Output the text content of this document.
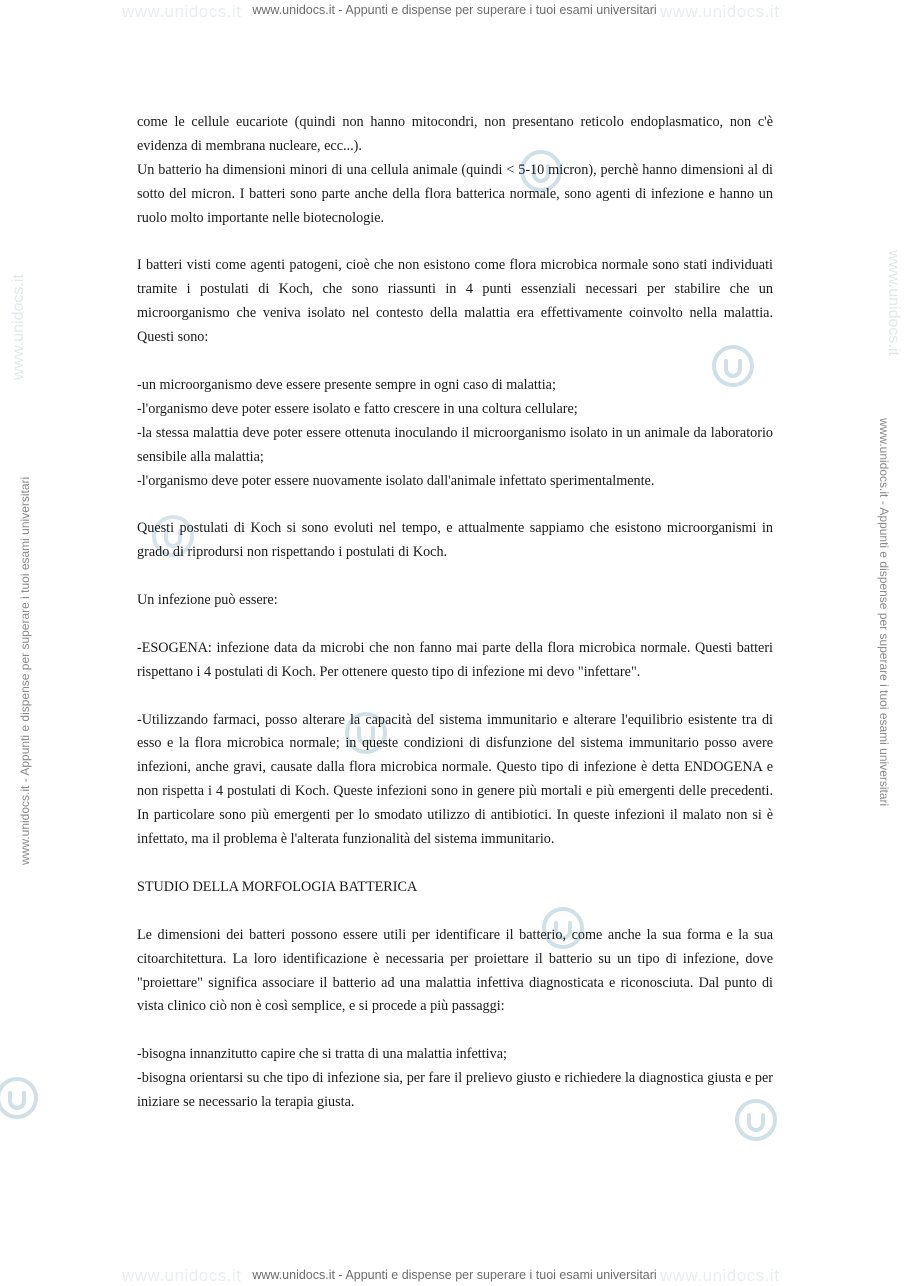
www.unidocs.it	www.unidocs.it
www.unidocs.it	www.unidocs.it
www.unidocs.it	www.unidocs.it
www.unidocs.it - Appunti e dispense per superare i tuoi esami universitari
www.unidocs.it - Appunti e dispense per superare i tuoi esami universitari
www.unidocs.it - Appunti e dispense per superare i tuoi esami universitari	www.unidocs.it - Appunti e dispense per superare i tuoi esami universitari

come le cellule eucariote (quindi non hanno mitocondri, non presentano reticolo endoplasmatico, non c'è evidenza di membrana nucleare, ecc...).

Un batterio ha dimensioni minori di una cellula animale (quindi < 5-10 micron), perchè hanno dimensioni al di sotto del micron. I batteri sono parte anche della flora batterica normale, sono agenti di infezione e hanno un ruolo molto importante nelle biotecnologie.

I batteri visti come agenti patogeni, cioè che non esistono come flora microbica normale sono stati individuati tramite i postulati di Koch, che sono riassunti in 4 punti essenziali necessari per stabilire che un microorganismo che veniva isolato nel contesto della malattia era effettivamente coinvolto nella malattia. Questi sono:

-un microorganismo deve essere presente sempre in ogni caso di malattia;

-l'organismo deve poter essere isolato e fatto crescere in una coltura cellulare;

-la stessa malattia deve poter essere ottenuta inoculando il microorganismo isolato in un animale da laboratorio sensibile alla malattia;

-l'organismo deve poter essere nuovamente isolato dall'animale infettato sperimentalmente.

Questi postulati di Koch si sono evoluti nel tempo, e attualmente sappiamo che esistono microorganismi in grado di riprodursi non rispettando i postulati di Koch.

Un infezione può essere:

-ESOGENA: infezione data da microbi che non fanno mai parte della flora microbica normale. Questi batteri rispettano i 4 postulati di Koch. Per ottenere questo tipo di infezione mi devo "infettare".

-Utilizzando farmaci, posso alterare la capacità del sistema immunitario e alterare l'equilibrio esistente tra di esso e la flora microbica normale; in queste condizioni di disfunzione del sistema immunitario posso avere infezioni, anche gravi, causate dalla flora microbica normale. Questo tipo di infezione è detta ENDOGENA e non rispetta i 4 postulati di Koch. Queste infezioni sono in genere più mortali e più emergenti delle precedenti. In particolare sono più emergenti per lo smodato utilizzo di antibiotici. In queste infezioni il malato non si è infettato, ma il problema è l'alterata funzionalità del sistema immunitario.

STUDIO DELLA MORFOLOGIA BATTERICA

Le dimensioni dei batteri possono essere utili per identificare il batterio, come anche la sua forma e la sua citoarchitettura. La loro identificazione è necessaria per proiettare il batterio su un tipo di infezione, dove "proiettare" significa associare il batterio ad una malattia infettiva diagnosticata e riconosciuta. Dal punto di vista clinico ciò non è così semplice, e si procede a più passaggi:

-bisogna innanzitutto capire che si tratta di una malattia infettiva;

-bisogna orientarsi su che tipo di infezione sia, per fare il prelievo giusto e richiedere la diagnostica giusta e per iniziare se necessario la terapia giusta.
